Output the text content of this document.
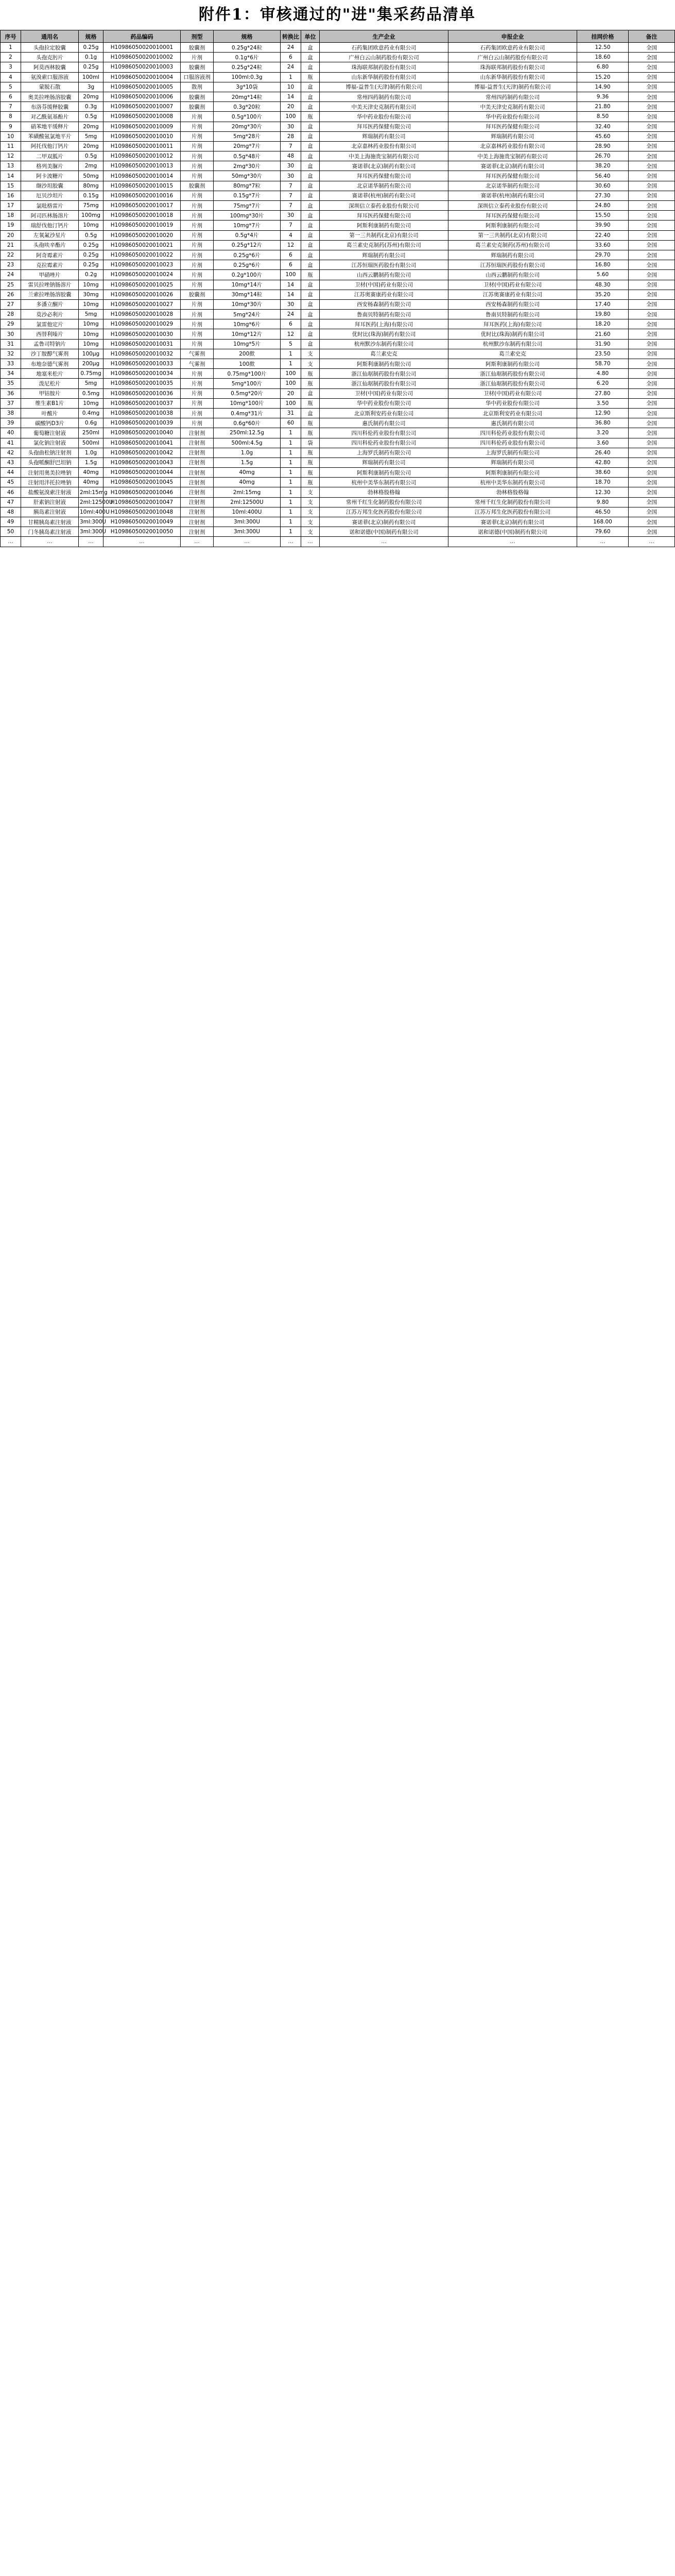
附件1：审核通过的"进"集采药品清单
序号	通用名	规格	药品编码	剂型	规格	转换比	单位	生产企业	申报企业	挂网价格	备注
1	头孢拉定胶囊	0.25g	H10986050020010001	胶囊剂	0.25g*24粒	24	盒	石药集团欧意药业有限公司	石药集团欧意药业有限公司	12.50	全国
2	头孢克肟片	0.1g	H10986050020010002	片剂	0.1g*6片	6	盒	广州白云山制药股份有限公司	广州白云山制药股份有限公司	18.60	全国
3	阿莫西林胶囊	0.25g	H10986050020010003	胶囊剂	0.25g*24粒	24	盒	珠海联邦制药股份有限公司	珠海联邦制药股份有限公司	6.80	全国
4	氨溴索口服溶液	100ml	H10986050020010004	口服溶液剂	100ml:0.3g	1	瓶	山东新华制药股份有限公司	山东新华制药股份有限公司	15.20	全国
5	蒙脱石散	3g	H10986050020010005	散剂	3g*10袋	10	盒	博福-益普生(天津)制药有限公司	博福-益普生(天津)制药有限公司	14.90	全国
6	奥美拉唑肠溶胶囊	20mg	H10986050020010006	胶囊剂	20mg*14粒	14	盒	常州四药制药有限公司	常州四药制药有限公司	9.36	全国
7	布洛芬缓释胶囊	0.3g	H10986050020010007	胶囊剂	0.3g*20粒	20	盒	中美天津史克制药有限公司	中美天津史克制药有限公司	21.80	全国
8	对乙酰氨基酚片	0.5g	H10986050020010008	片剂	0.5g*100片	100	瓶	华中药业股份有限公司	华中药业股份有限公司	8.50	全国
9	硝苯地平缓释片	20mg	H10986050020010009	片剂	20mg*30片	30	盒	拜耳医药保健有限公司	拜耳医药保健有限公司	32.40	全国
10	苯磺酸氨氯地平片	5mg	H10986050020010010	片剂	5mg*28片	28	盒	辉瑞制药有限公司	辉瑞制药有限公司	45.60	全国
11	阿托伐他汀钙片	20mg	H10986050020010011	片剂	20mg*7片	7	盒	北京嘉林药业股份有限公司	北京嘉林药业股份有限公司	28.90	全国
12	二甲双胍片	0.5g	H10986050020010012	片剂	0.5g*48片	48	盒	中美上海施贵宝制药有限公司	中美上海施贵宝制药有限公司	26.70	全国
13	格列美脲片	2mg	H10986050020010013	片剂	2mg*30片	30	盒	赛诺菲(北京)制药有限公司	赛诺菲(北京)制药有限公司	38.20	全国
14	阿卡波糖片	50mg	H10986050020010014	片剂	50mg*30片	30	盒	拜耳医药保健有限公司	拜耳医药保健有限公司	56.40	全国
15	缬沙坦胶囊	80mg	H10986050020010015	胶囊剂	80mg*7粒	7	盒	北京诺华制药有限公司	北京诺华制药有限公司	30.60	全国
16	厄贝沙坦片	0.15g	H10986050020010016	片剂	0.15g*7片	7	盒	赛诺菲(杭州)制药有限公司	赛诺菲(杭州)制药有限公司	27.30	全国
17	氯吡格雷片	75mg	H10986050020010017	片剂	75mg*7片	7	盒	深圳信立泰药业股份有限公司	深圳信立泰药业股份有限公司	24.80	全国
18	阿司匹林肠溶片	100mg	H10986050020010018	片剂	100mg*30片	30	盒	拜耳医药保健有限公司	拜耳医药保健有限公司	15.50	全国
19	瑞舒伐他汀钙片	10mg	H10986050020010019	片剂	10mg*7片	7	盒	阿斯利康制药有限公司	阿斯利康制药有限公司	39.90	全国
20	左氧氟沙星片	0.5g	H10986050020010020	片剂	0.5g*4片	4	盒	第一三共制药(北京)有限公司	第一三共制药(北京)有限公司	22.40	全国
21	头孢呋辛酯片	0.25g	H10986050020010021	片剂	0.25g*12片	12	盒	葛兰素史克制药(苏州)有限公司	葛兰素史克制药(苏州)有限公司	33.60	全国
22	阿奇霉素片	0.25g	H10986050020010022	片剂	0.25g*6片	6	盒	辉瑞制药有限公司	辉瑞制药有限公司	29.70	全国
23	克拉霉素片	0.25g	H10986050020010023	片剂	0.25g*6片	6	盒	江苏恒瑞医药股份有限公司	江苏恒瑞医药股份有限公司	16.80	全国
24	甲硝唑片	0.2g	H10986050020010024	片剂	0.2g*100片	100	瓶	山西云鹏制药有限公司	山西云鹏制药有限公司	5.60	全国
25	雷贝拉唑钠肠溶片	10mg	H10986050020010025	片剂	10mg*14片	14	盒	卫材(中国)药业有限公司	卫材(中国)药业有限公司	48.30	全国
26	兰索拉唑肠溶胶囊	30mg	H10986050020010026	胶囊剂	30mg*14粒	14	盒	江苏奥赛康药业有限公司	江苏奥赛康药业有限公司	35.20	全国
27	多潘立酮片	10mg	H10986050020010027	片剂	10mg*30片	30	盒	西安杨森制药有限公司	西安杨森制药有限公司	17.40	全国
28	莫沙必利片	5mg	H10986050020010028	片剂	5mg*24片	24	盒	鲁南贝特制药有限公司	鲁南贝特制药有限公司	19.80	全国
29	氯雷他定片	10mg	H10986050020010029	片剂	10mg*6片	6	盒	拜耳医药(上海)有限公司	拜耳医药(上海)有限公司	18.20	全国
30	西替利嗪片	10mg	H10986050020010030	片剂	10mg*12片	12	盒	优时比(珠海)制药有限公司	优时比(珠海)制药有限公司	21.60	全国
31	孟鲁司特钠片	10mg	H10986050020010031	片剂	10mg*5片	5	盒	杭州默沙东制药有限公司	杭州默沙东制药有限公司	31.90	全国
32	沙丁胺醇气雾剂	100μg	H10986050020010032	气雾剂	200揿	1	支	葛兰素史克	葛兰素史克	23.50	全国
33	布地奈德气雾剂	200μg	H10986050020010033	气雾剂	100揿	1	支	阿斯利康制药有限公司	阿斯利康制药有限公司	58.70	全国
34	地塞米松片	0.75mg	H10986050020010034	片剂	0.75mg*100片	100	瓶	浙江仙琚制药股份有限公司	浙江仙琚制药股份有限公司	4.80	全国
35	泼尼松片	5mg	H10986050020010035	片剂	5mg*100片	100	瓶	浙江仙琚制药股份有限公司	浙江仙琚制药股份有限公司	6.20	全国
36	甲钴胺片	0.5mg	H10986050020010036	片剂	0.5mg*20片	20	盒	卫材(中国)药业有限公司	卫材(中国)药业有限公司	27.80	全国
37	维生素B1片	10mg	H10986050020010037	片剂	10mg*100片	100	瓶	华中药业股份有限公司	华中药业股份有限公司	3.50	全国
38	叶酸片	0.4mg	H10986050020010038	片剂	0.4mg*31片	31	盒	北京斯利安药业有限公司	北京斯利安药业有限公司	12.90	全国
39	碳酸钙D3片	0.6g	H10986050020010039	片剂	0.6g*60片	60	瓶	惠氏制药有限公司	惠氏制药有限公司	36.80	全国
40	葡萄糖注射液	250ml	H10986050020010040	注射剂	250ml:12.5g	1	瓶	四川科伦药业股份有限公司	四川科伦药业股份有限公司	3.20	全国
41	氯化钠注射液	500ml	H10986050020010041	注射剂	500ml:4.5g	1	袋	四川科伦药业股份有限公司	四川科伦药业股份有限公司	3.60	全国
42	头孢曲松钠注射剂	1.0g	H10986050020010042	注射剂	1.0g	1	瓶	上海罗氏制药有限公司	上海罗氏制药有限公司	26.40	全国
43	头孢哌酮舒巴坦钠	1.5g	H10986050020010043	注射剂	1.5g	1	瓶	辉瑞制药有限公司	辉瑞制药有限公司	42.80	全国
44	注射用奥美拉唑钠	40mg	H10986050020010044	注射剂	40mg	1	瓶	阿斯利康制药有限公司	阿斯利康制药有限公司	38.60	全国
45	注射用泮托拉唑钠	40mg	H10986050020010045	注射剂	40mg	1	瓶	杭州中美华东制药有限公司	杭州中美华东制药有限公司	18.70	全国
46	盐酸氨溴索注射液	2ml:15mg	H10986050020010046	注射剂	2ml:15mg	1	支	勃林格殷格翰	勃林格殷格翰	12.30	全国
47	肝素钠注射液	2ml:12500U	H10986050020010047	注射剂	2ml:12500U	1	支	常州千红生化制药股份有限公司	常州千红生化制药股份有限公司	9.80	全国
48	胰岛素注射液	10ml:400U	H10986050020010048	注射剂	10ml:400U	1	支	江苏万邦生化医药股份有限公司	江苏万邦生化医药股份有限公司	46.50	全国
49	甘精胰岛素注射液	3ml:300U	H10986050020010049	注射剂	3ml:300U	1	支	赛诺菲(北京)制药有限公司	赛诺菲(北京)制药有限公司	168.00	全国
50	门冬胰岛素注射液	3ml:300U	H10986050020010050	注射剂	3ml:300U	1	支	诺和诺德(中国)制药有限公司	诺和诺德(中国)制药有限公司	79.60	全国
…	…	…	…	…	…	…	…	…	…	…	…
